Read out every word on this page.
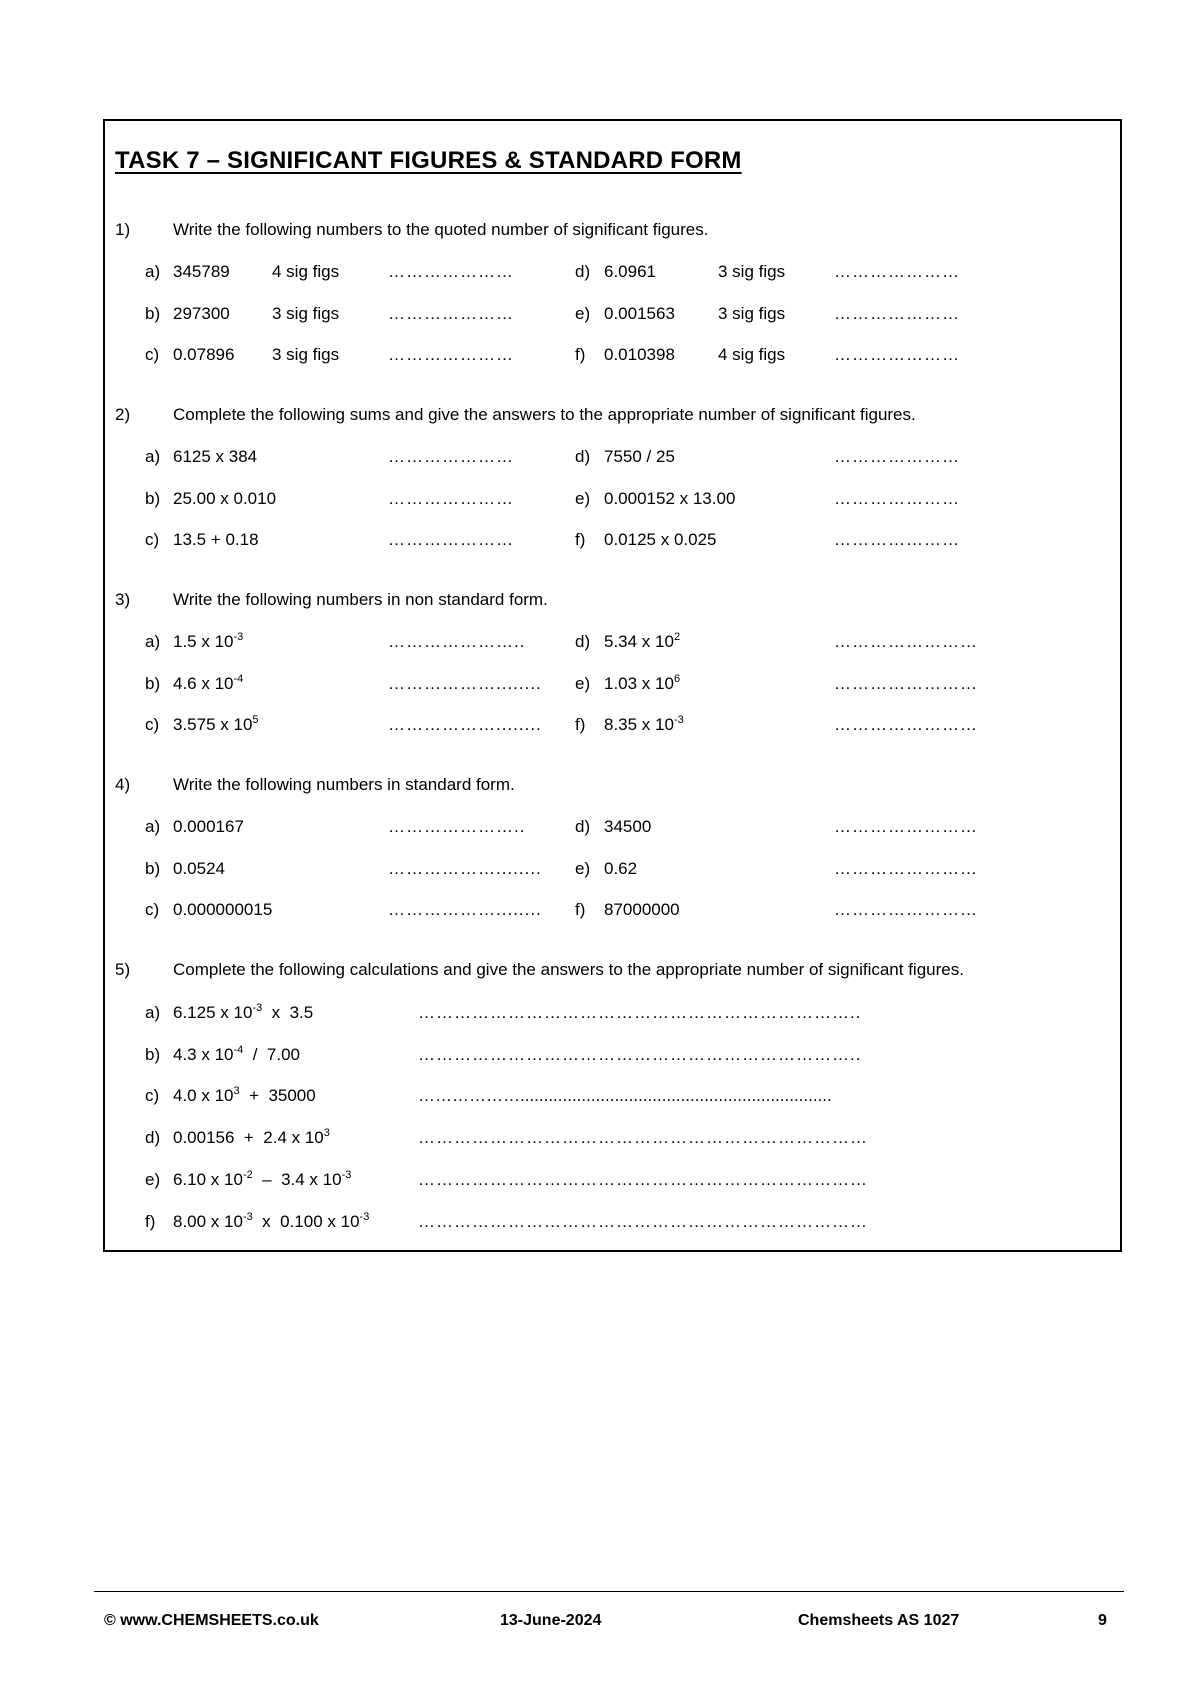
TASK 7 – SIGNIFICANT FIGURES & STANDARD FORM
1)	Write the following numbers to the quoted number of significant figures.
a) 345789 4 sig figs	…………………	d) 6.0961	3 sig figs	…………………
b) 297300 3 sig figs	…………………	e) 0.001563	3 sig figs	…………………
c) 0.07896 3 sig figs	…………………	f) 0.010398	4 sig figs	…………………
2)	Complete the following sums and give the answers to the appropriate number of significant figures.
a) 6125 x 384	…………………	d) 7550 / 25	…………………
b) 25.00 x 0.010	…………………	e) 0.000152 x 13.00	…………………
c) 13.5 + 0.18	…………………	f) 0.0125 x 0.025	…………………
3)	Write the following numbers in non standard form.
a) 1.5 x $10^{-3}$	…………………..	d) 5.34 x $10^2$	……………………
b) 4.6 x $10^{-4}$	………………........ e) 1.03 x $10^6$	……………………
c) 3.575 x $10^5$	………………........ f) 8.35 x $10^{-3}$	……………………
4)	Write the following numbers in standard form.
a) 0.000167	…………………..	d) 34500	……………………
b) 0.0524	………………........ e) 0.62	……………………
c) 0.000000015	………………........ f) 87000000	……………………
5)	Complete the following calculations and give the answers to the appropriate number of significant figures.
a) 6.125 x $10^{-3}$  x  3.5	………………………………………………………………..
b) 4.3 x $10^{-4} / 7.00$	………………………………………………………………..
c) 4.0 x $10^3 + 35000$	………………..................................................................
d) 0.00156  +  2.4 x $10^3$	…………………………………………………………………
e) 6.10 x $10^{-2} - 3.4$ x $10^{-3}$	…………………………………………………………………
f) 8.00 x $10^{-3}$  x  0.100 x $10^{-3}$	…………………………………………………………………
© www.CHEMSHEETS.co.uk	13-June-2024	Chemsheets AS 1027	9
